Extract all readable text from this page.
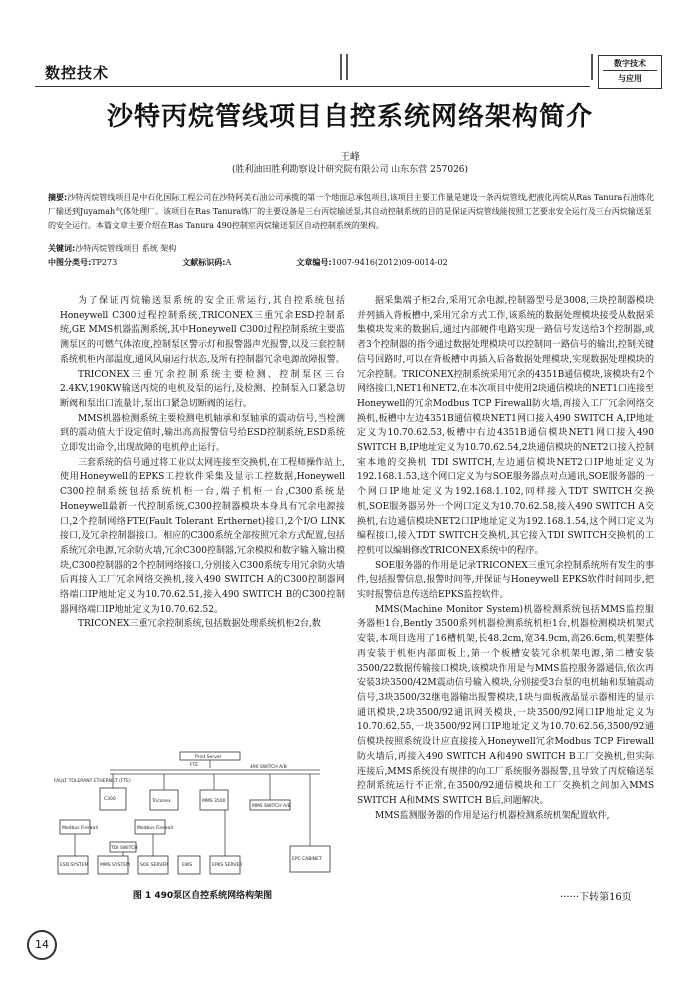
数控技术
数字技术
与应用
沙特丙烷管线项目自控系统网络架构简介
王峰
(胜利油田胜利勘察设计研究院有限公司 山东东营 257026)
摘要:沙特丙烷管线项目是中石化国际工程公司在沙特阿美石油公司承揽的第一个地面总承包项目,该项目主要工作量是建设一条丙烷管线,把液化丙烷从Ras Tanura石油炼化厂输送到Juyamah气体处理厂。该项目在Ras Tanura炼厂的主要设备是三台丙烷输送泵,其自动控制系统的目的是保证丙烷管线能按照工艺要求安全运行及三台丙烷输送泵的安全运行。本篇文章主要介绍在Ras Tanura 490控制室丙烷输送泵区自动控制系统的架构。
关键词:沙特丙烷管线项目 系统 架构
中图分类号:TP273	文献标识码:A	文章编号:1007-9416(2012)09-0014-02

为了保证丙烷输送泵系统的安全正常运行,其自控系统包括Honeywell C300过程控制系统,TRICONEX三重冗余ESD控制系统,GE MMS机器监测系统,其中Honeywell C300过程控制系统主要监测泵区的可燃气体浓度,控制泵区警示灯和报警器声光报警,以及三套控制系统机柜内部温度,通风风扇运行状态,及所有控制器冗余电源故障报警。

TRICONEX三重冗余控制系统主要检测、控制泵区三台2.4KV,190KW输送丙烷的电机及泵的运行,及检测、控制泵入口紧急切断阀和泵出口流量计,泵出口紧急切断阀的运行。

MMS机器检测系统主要检测电机轴承和泵轴承的震动信号,当检测到的震动值大于设定值时,输出高高报警信号给ESD控制系统,ESD系统立即发出命令,出现故障的电机停止运行。

三套系统的信号通过将工业以太网连接至交换机,在工程师操作站上,使用Honeywell的EPKS工控软件采集及显示工控数据,Honeywell C300控制系统包括系统机柜一台,端子机柜一台,C300系统是Honeywell最新一代控制系统,C300控制器模块本身具有冗余电源接口,2个控制网络FTE(Fault Tolerant Erthernet)接口,2个I/O LINK接口,及冗余控制器接口。相应的C300系统全部按照冗余方式配置,包括系统冗余电源,冗余防火墙,冗余C300控制器,冗余模拟和数字输入输出模块,C300控制器的2个控制网络接口,分别接入C300系统专用冗余防火墙后再接入工厂冗余网络交换机,接入490 SWITCH A的C300控制器网络端口IP地址定义为10.70.62.51,接入490 SWITCH B的C300控制器网络端口IP地址定义为10.70.62.52。

TRICONEX三重冗余控制系统,包括数据处理系统机柜2台,数

据采集端子柜2台,采用冗余电源,控制器型号是3008,三块控制器模块并列插入背板槽中,采用冗余方式工作,该系统的数据处理模块接受从数据采集模块发来的数据后,通过内部硬件电路实现一路信号发送给3个控制器,或者3个控制器的指令通过数据处理模块可以控制同一路信号的输出,控制关键信号回路时,可以在背板槽中再插入后备数据处理模块,实现数据处理模块的冗余控制。TRICONEX控制系统采用冗余的4351B通信模块,该模块有2个网络接口,NET1和NET2,在本次项目中使用2块通信模块的NET1口连接至Honeywell的冗余Modbus TCP Firewall防火墙,再接入工厂冗余网络交换机,板槽中左边4351B通信模块NET1网口接入490 SWITCH A,IP地址定义为10.70.62.53,板槽中右边4351B通信模块NET1网口接入490 SWITCH B,IP地址定义为10.70.62.54,2块通信模块的NET2口接入控制室本地的交换机 TDI SWITCH,左边通信模块NET2口IP地址定义为192.168.1.53,这个网口定义为与SOE服务器点对点通讯,SOE服务器的一个网口IP地址定义为192.168.1.102,同样接入TDT SWITCH交换机,SOE服务器另外一个网口定义为10.70.62.58,接入490 SWITCH A交换机,右边通信模块NET2口IP地址定义为192.168.1.54,这个网口定义为编程接口,接入TDT SWITCH交换机,其它接入TDI SWITCH交换机的工控机可以编辑修改TRICONEX系统中的程序。

SOE服务器的作用是记录TRICONEX三重冗余控制系统所有发生的事件,包括报警信息,报警时间等,并保证与Honeywell EPKS软件时间同步,把实时报警信息传送给EPKS监控软件。

MMS(Machine Monitor System)机器检测系统包括MMS监控服务器柜1台,Bently 3500系列机器检测系统机柜1台,机器检测模块机架式安装,本项目选用了16槽机架,长48.2cm,宽34.9cm,高26.6cm,机架整体再安装于机柜内部面板上,第一个板槽安装冗余机架电源,第二槽安装3500/22数据传输接口模块,该模块作用是与MMS监控服务器通信,依次再安装3块3500/42M震动信号输入模块,分别接受3台泵的电机轴和泵轴震动信号,3块3500/32继电器输出报警模块,1块与面板液晶显示器相连的显示通讯模块,2块3500/92通讯网关模块,一块3500/92网口IP地址定义为10.70.62.55,一块3500/92网口IP地址定义为10.70.62.56,3500/92通信模块按照系统设计应直接接入Honeywell冗余Modbus TCP Firewall防火墙后,再接入490 SWITCH A和490 SWITCH B工厂交换机,但实际连接后,MMS系统没有规律的向工厂系统服务器报警,且导致了丙烷输送泵控制系统运行不正常,在3500/92通信模块和工厂交换机之间加入MMS SWITCH A和MMS SWITCH B后,问题解决。

MMS监测服务器的作用是运行机器检测系统机架配置软件,

Print Server
FTE	490 SWITCH A/B
FAULT TOLERANT ETHERNET (FTE)
C300
Modbus Firewall	Modbus Firewall
Triconex	MMS 3500
TDI SWITCH
MMS SWITCH A/B
ESD SYSTEM	MMS SYSTEM SOE SERVER	EWS	EPKS SERVER
EPC CABINET
图 1 490泵区自控系统网络构架图	······下转第16页
14
